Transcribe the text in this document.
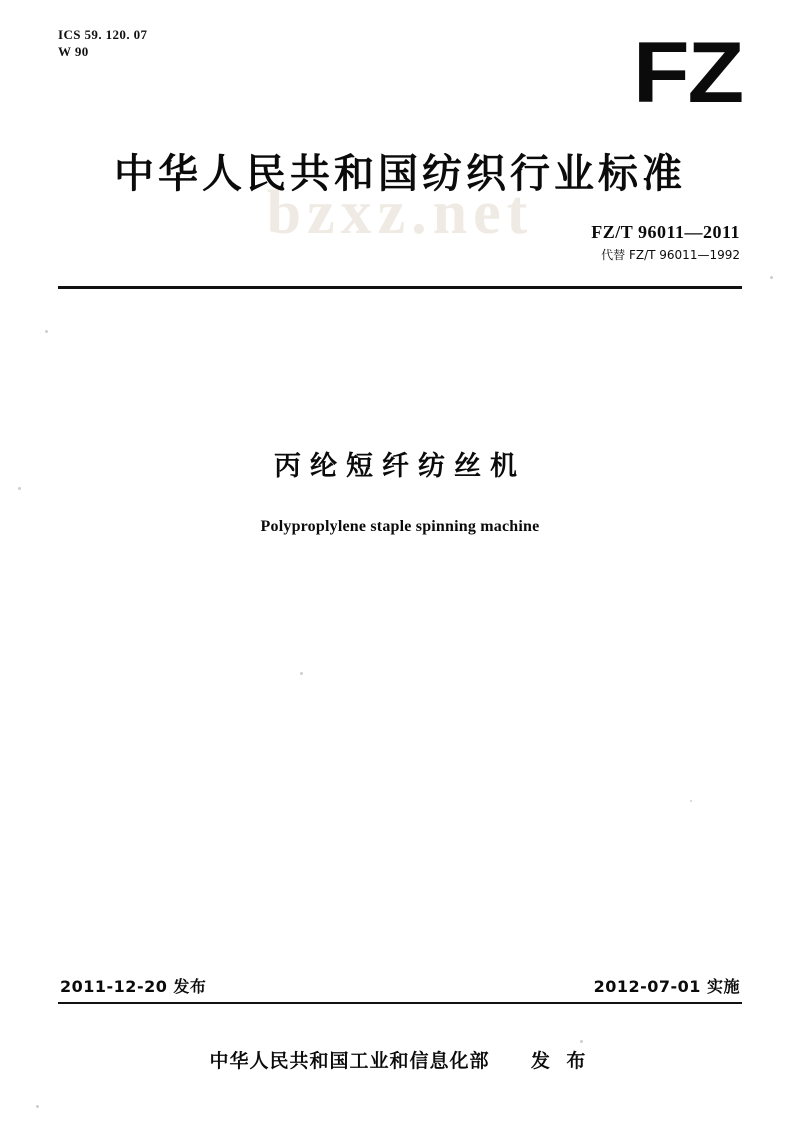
bzxz.net
ICS 59. 120. 07
W 90	FZ
中华人民共和国纺织行业标准
FZ/T 96011—2011
代替 FZ/T 96011—1992
丙纶短纤纺丝机
Polyproplylene staple spinning machine
2011-12-20 发布	2012-07-01 实施
中华人民共和国工业和信息化部 发 布
